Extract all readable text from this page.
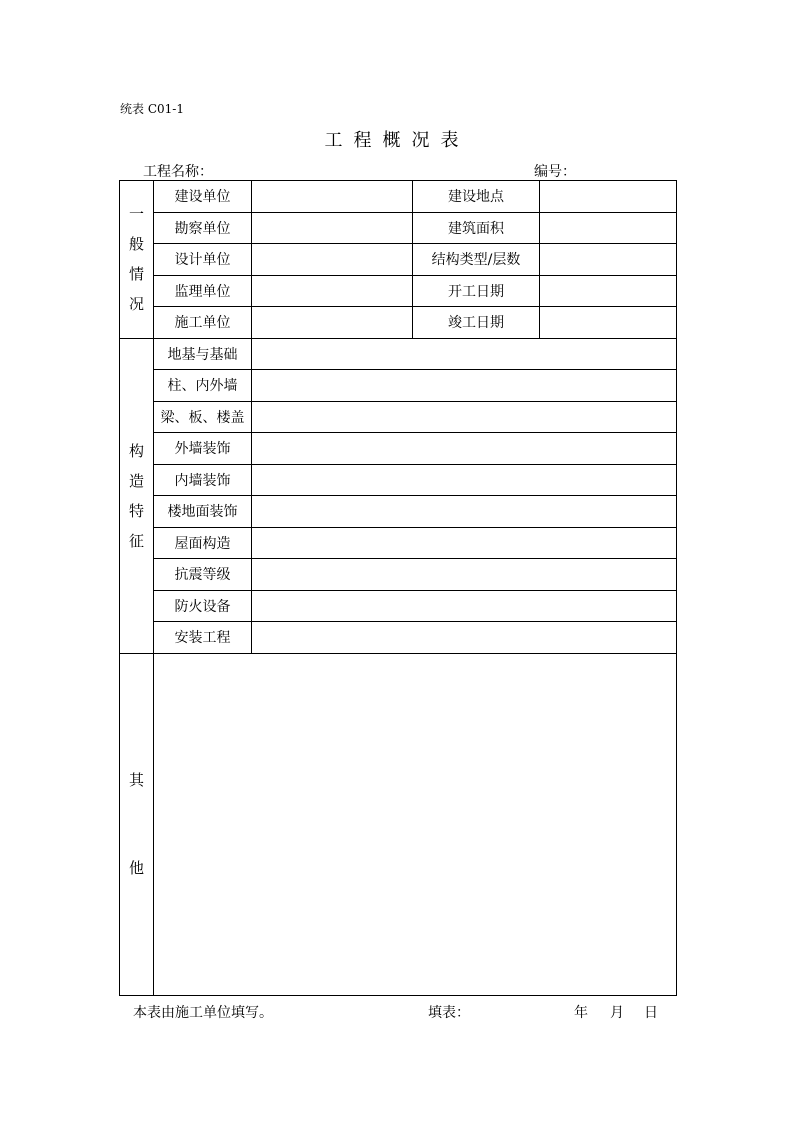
统表 C01-1
工程概况表
工程名称：	编号：
一般情况	建设单位		建设地点	
	勘察单位		建筑面积	
	设计单位		结构类型/层数	
	监理单位		开工日期	
	施工单位		竣工日期	

构造特征	地基与基础			
	柱、内外墙			
	梁、板、楼盖			
	外墙装饰			
	内墙装饰			
	楼地面装饰			
	屋面构造			
	抗震等级			
	防火设备			
	安装工程			

其他				

本表由施工单位填写。	填表：	年 月 日
